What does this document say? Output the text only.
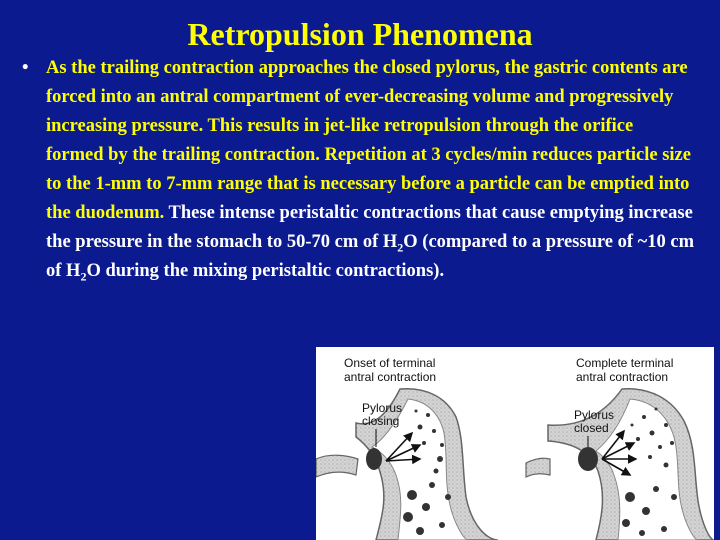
Retropulsion Phenomena
• As the trailing contraction approaches the closed pylorus, the gastric contents are forced into an antral compartment of ever-decreasing volume and progressively increasing pressure. This results in jet-like retropulsion through the orifice formed by the trailing contraction. Repetition at 3 cycles/min reduces particle size to the 1-mm to 7-mm range that is necessary before a particle can be emptied into the duodenum. These intense peristaltic contractions that cause emptying increase the pressure in the stomach to 50-70 cm of $H_2O$ (compared to a pressure of ~10 cm of $H_2O$ during the mixing peristaltic contractions).
Onset of terminal
antral contraction
Pylorus
closing
Complete terminal
antral contraction
Pylorus
closed
